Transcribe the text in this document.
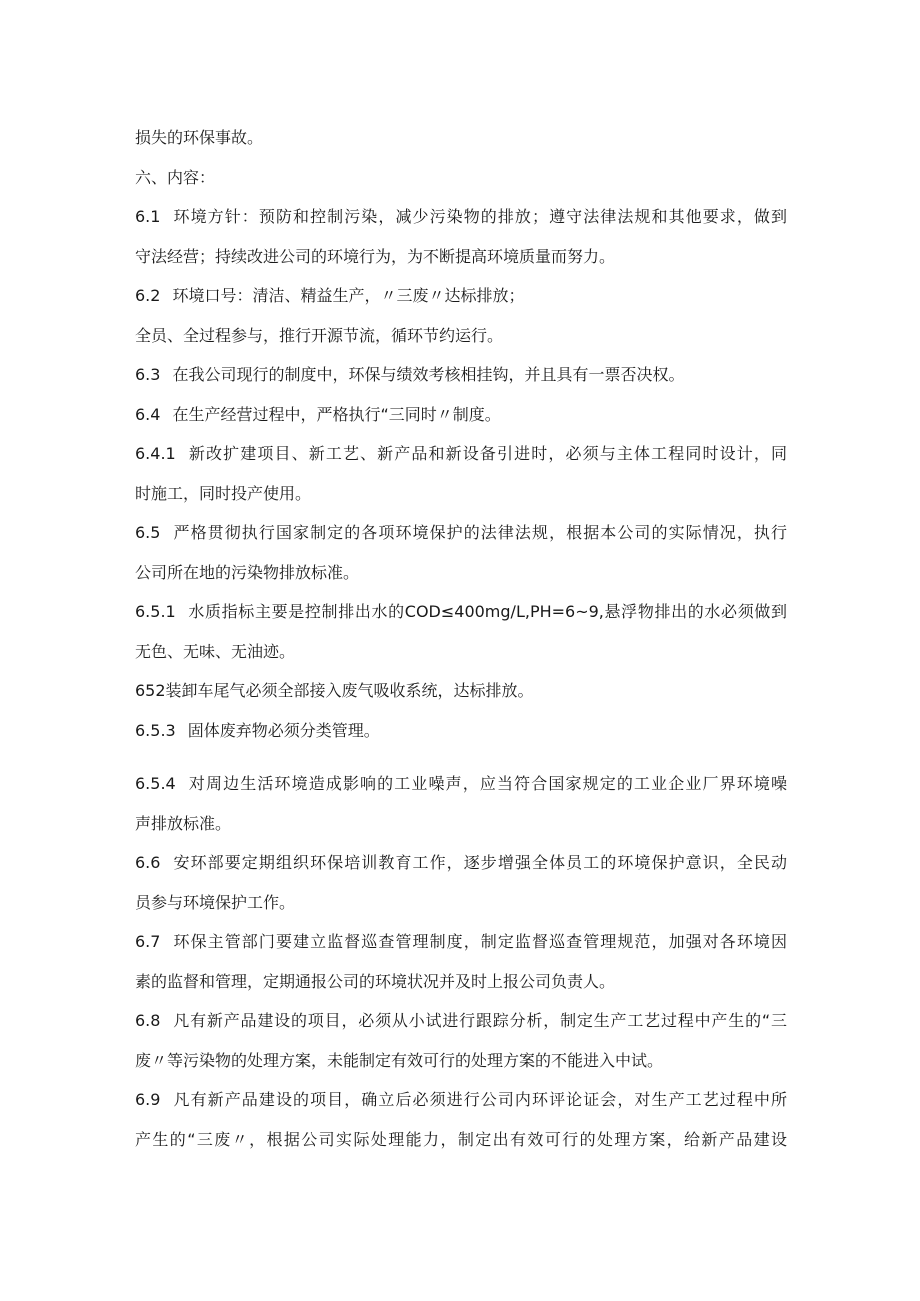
损失的环保事故。
六、内容：
6.1 环境方针：预防和控制污染，减少污染物的排放；遵守法律法规和其他要求，做到
守法经营；持续改进公司的环境行为，为不断提高环境质量而努力。
6.2 环境口号：清洁、精益生产，〃三废〃达标排放；
全员、全过程参与，推行开源节流，循环节约运行。
6.3 在我公司现行的制度中，环保与绩效考核相挂钩，并且具有一票否决权。
6.4 在生产经营过程中，严格执行“三同时〃制度。
6.4.1 新改扩建项目、新工艺、新产品和新设备引进时，必须与主体工程同时设计，同
时施工，同时投产使用。
6.5 严格贯彻执行国家制定的各项环境保护的法律法规，根据本公司的实际情况，执行
公司所在地的污染物排放标准。
6.5.1 水质指标主要是控制排出水的COD≤400mg∕L,PH=6~9,悬浮物排出的水必须做到
无色、无味、无油迹。
652装卸车尾气必须全部接入废气吸收系统，达标排放。
6.5.3 固体废弃物必须分类管理。
6.5.4 对周边生活环境造成影响的工业噪声，应当符合国家规定的工业企业厂界环境噪
声排放标准。
6.6 安环部要定期组织环保培训教育工作，逐步增强全体员工的环境保护意识，全民动
员参与环境保护工作。
6.7 环保主管部门要建立监督巡查管理制度，制定监督巡查管理规范，加强对各环境因
素的监督和管理，定期通报公司的环境状况并及时上报公司负责人。
6.8 凡有新产品建设的项目，必须从小试进行跟踪分析，制定生产工艺过程中产生的“三
废〃等污染物的处理方案，未能制定有效可行的处理方案的不能进入中试。
6.9 凡有新产品建设的项目，确立后必须进行公司内环评论证会，对生产工艺过程中所
产生的“三废〃，根据公司实际处理能力，制定出有效可行的处理方案，给新产品建设
